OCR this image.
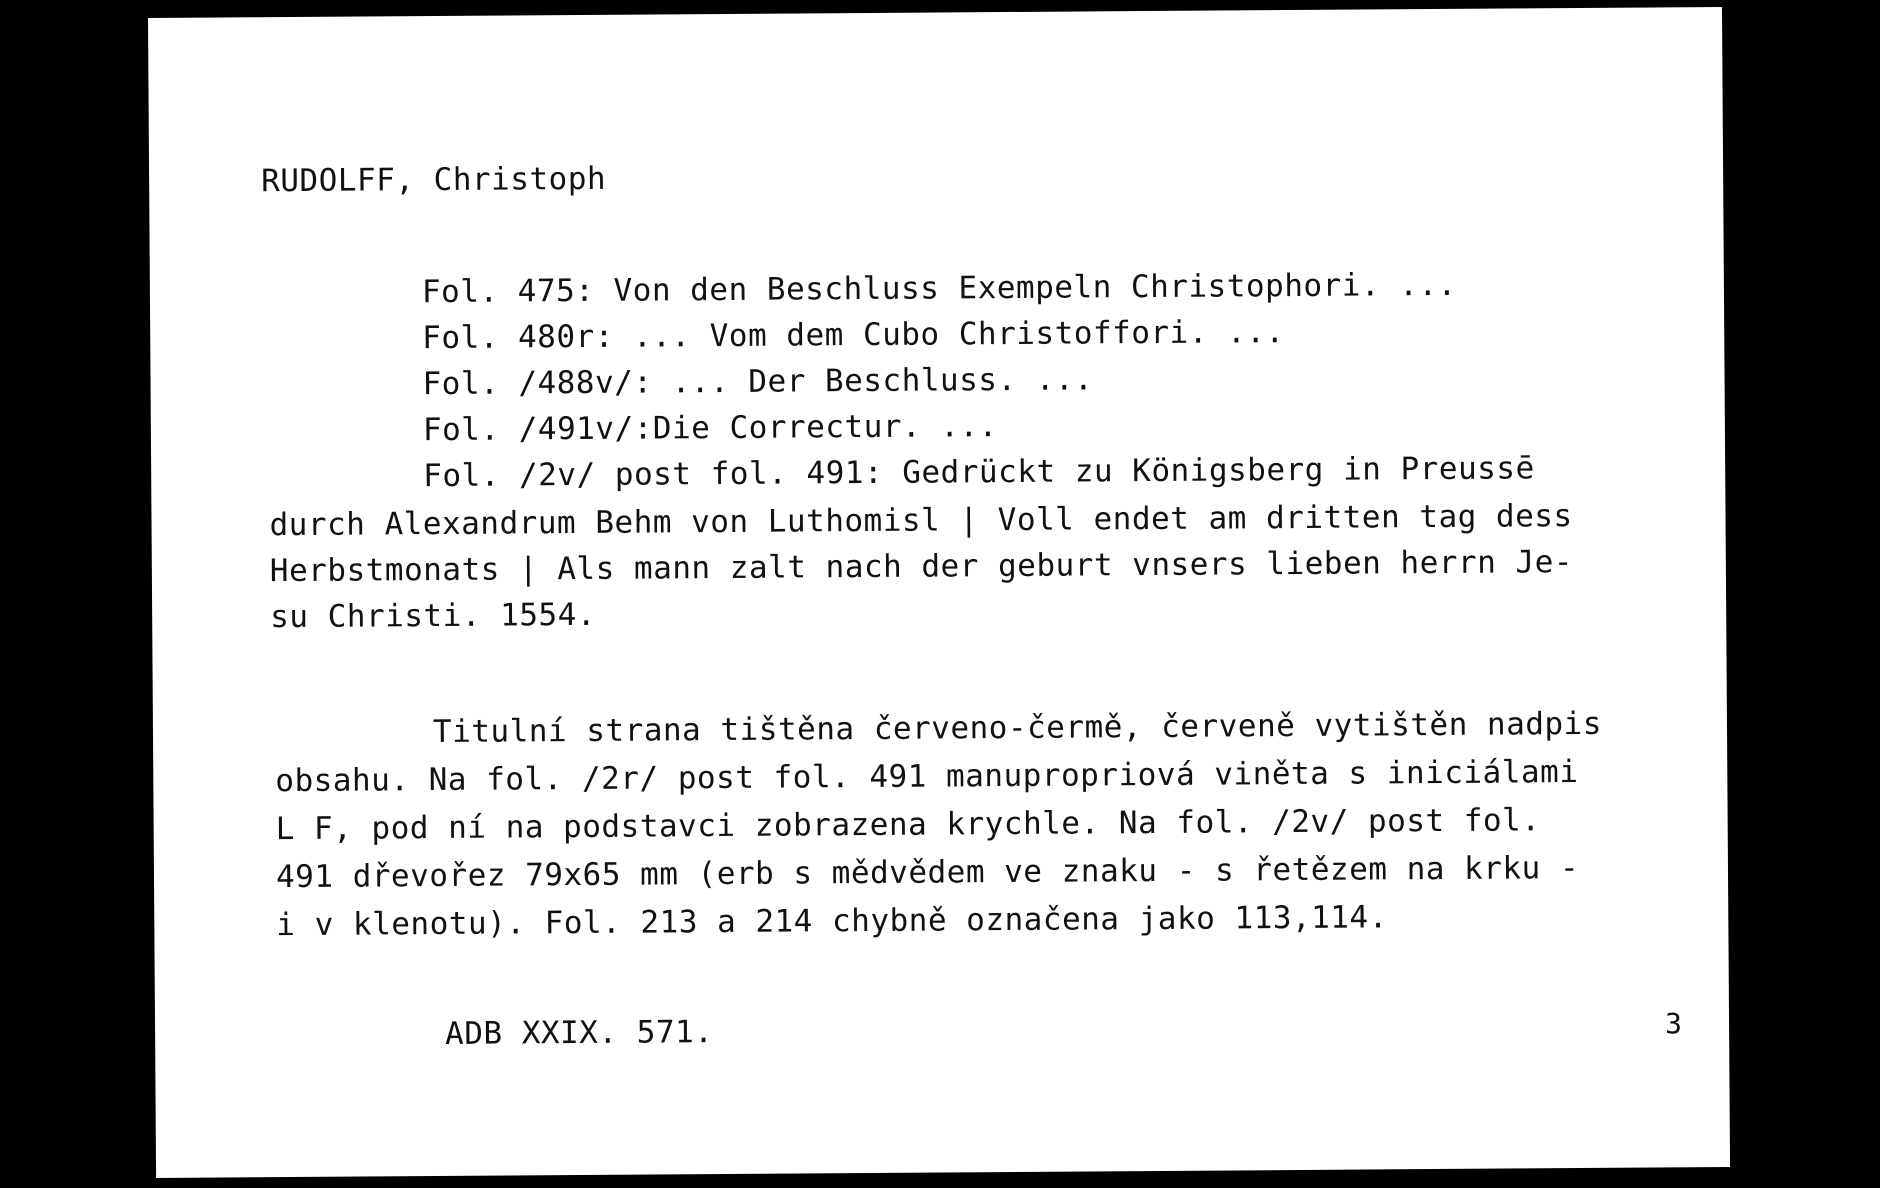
RUDOLFF, Christoph
Fol. 475: Von den Beschluss Exempeln Christophori. ...
Fol. 480r: ... Vom dem Cubo Christoffori. ...
Fol. /488v/: ... Der Beschluss. ...
Fol. /491v/:Die Correctur. ...
Fol. /2v/ post fol. 491: Gedrückt zu Königsberg in Preussē
durch Alexandrum Behm von Luthomisl | Voll endet am dritten tag dess
Herbstmonats | Als mann zalt nach der geburt vnsers lieben herrn Je-
su Christi. 1554.
Titulní strana tištěna červeno-čermě, červeně vytištěn nadpis
obsahu. Na fol. /2r/ post fol. 491 manupropriová viněta s iniciálami
L F, pod ní na podstavci zobrazena krychle. Na fol. /2v/ post fol.
491 dřevořez 79x65 mm (erb s mědvědem ve znaku - s řetězem na krku -
i v klenotu). Fol. 213 a 214 chybně označena jako 113,114.
ADB XXIX. 571.	3
